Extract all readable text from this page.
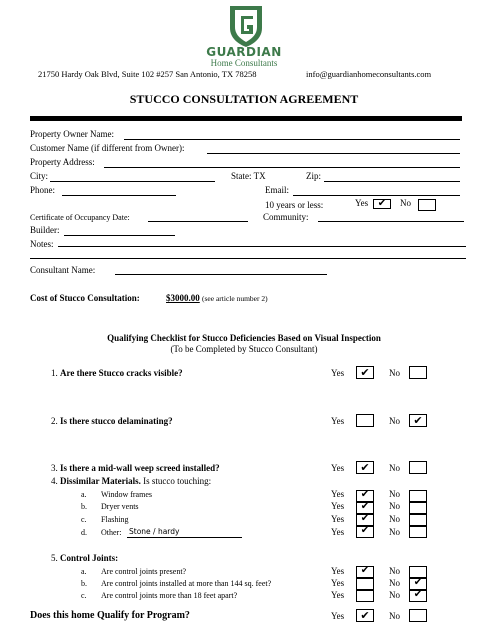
GUARDIAN
Home Consultants
21750 Hardy Oak Blvd, Suite 102 #257 San Antonio, TX 78258	info@guardianhomeconsultants.com
STUCCO CONSULTATION AGREEMENT
Property Owner Name:
Customer Name (if different from Owner):
Property Address:
City:	State: TX	Zip:
Phone:	Email:
10 years or less:	Yes ✔	No
Certificate of Occupancy Date:	Community:
Builder:
Notes:
Consultant Name:
Cost of Stucco Consultation:	$3000.00 (see article number 2)
Qualifying Checklist for Stucco Deficiencies Based on Visual Inspection
(To be Completed by Stucco Consultant)
1. Are there Stucco cracks visible?	Yes	✔	No
2. Is there stucco delaminating?	Yes	No	✔
3. Is there a mid-wall weep screed installed?	Yes	✔	No
4. Dissimilar Materials. Is stucco touching:
a. Window frames	Yes	✔	No
b. Dryer vents	Yes	✔	No
c. Flashing	Yes	✔	No
d. Other: Stone / hardy	Yes	✔	No
5. Control Joints:
a. Are control joints present?	Yes	✔	No
b. Are control joints installed at more than 144 sq. feet?	Yes	No	✔
c. Are control joints more than 18 feet apart?	Yes	No	✔
Does this home Qualify for Program?	Yes	✔	No
